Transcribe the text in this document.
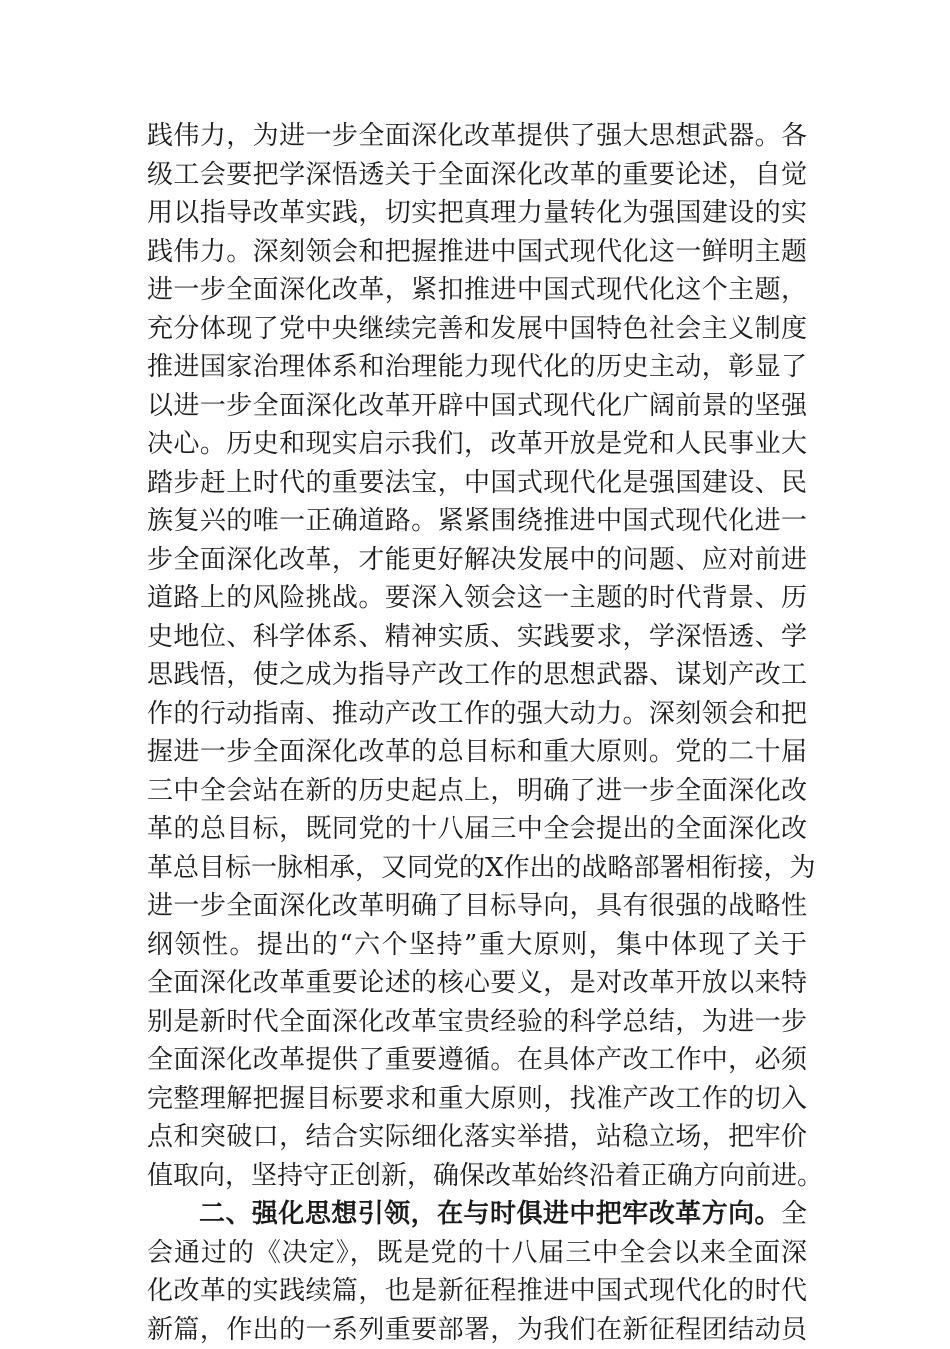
践伟力，为进一步全面深化改革提供了强大思想武器。各
级工会要把学深悟透关于全面深化改革的重要论述，自觉
用以指导改革实践，切实把真理力量转化为强国建设的实
践伟力。深刻领会和把握推进中国式现代化这一鲜明主题
进一步全面深化改革，紧扣推进中国式现代化这个主题，
充分体现了党中央继续完善和发展中国特色社会主义制度
推进国家治理体系和治理能力现代化的历史主动，彰显了
以进一步全面深化改革开辟中国式现代化广阔前景的坚强
决心。历史和现实启示我们，改革开放是党和人民事业大
踏步赶上时代的重要法宝，中国式现代化是强国建设、民
族复兴的唯一正确道路。紧紧围绕推进中国式现代化进一
步全面深化改革，才能更好解决发展中的问题、应对前进
道路上的风险挑战。要深入领会这一主题的时代背景、历
史地位、科学体系、精神实质、实践要求，学深悟透、学
思践悟，使之成为指导产改工作的思想武器、谋划产改工
作的行动指南、推动产改工作的强大动力。深刻领会和把
握进一步全面深化改革的总目标和重大原则。党的二十届
三中全会站在新的历史起点上，明确了进一步全面深化改
革的总目标，既同党的十八届三中全会提出的全面深化改
革总目标一脉相承，又同党的X作出的战略部署相衔接，为
进一步全面深化改革明确了目标导向，具有很强的战略性
纲领性。提出的“六个坚持”重大原则，集中体现了关于
全面深化改革重要论述的核心要义，是对改革开放以来特
别是新时代全面深化改革宝贵经验的科学总结，为进一步
全面深化改革提供了重要遵循。在具体产改工作中，必须
完整理解把握目标要求和重大原则，找准产改工作的切入
点和突破口，结合实际细化落实举措，站稳立场，把牢价
值取向，坚持守正创新，确保改革始终沿着正确方向前进。
二、强化思想引领，在与时俱进中把牢改革方向。全
会通过的《决定》，既是党的十八届三中全会以来全面深
化改革的实践续篇，也是新征程推进中国式现代化的时代
新篇，作出的一系列重要部署，为我们在新征程团结动员
